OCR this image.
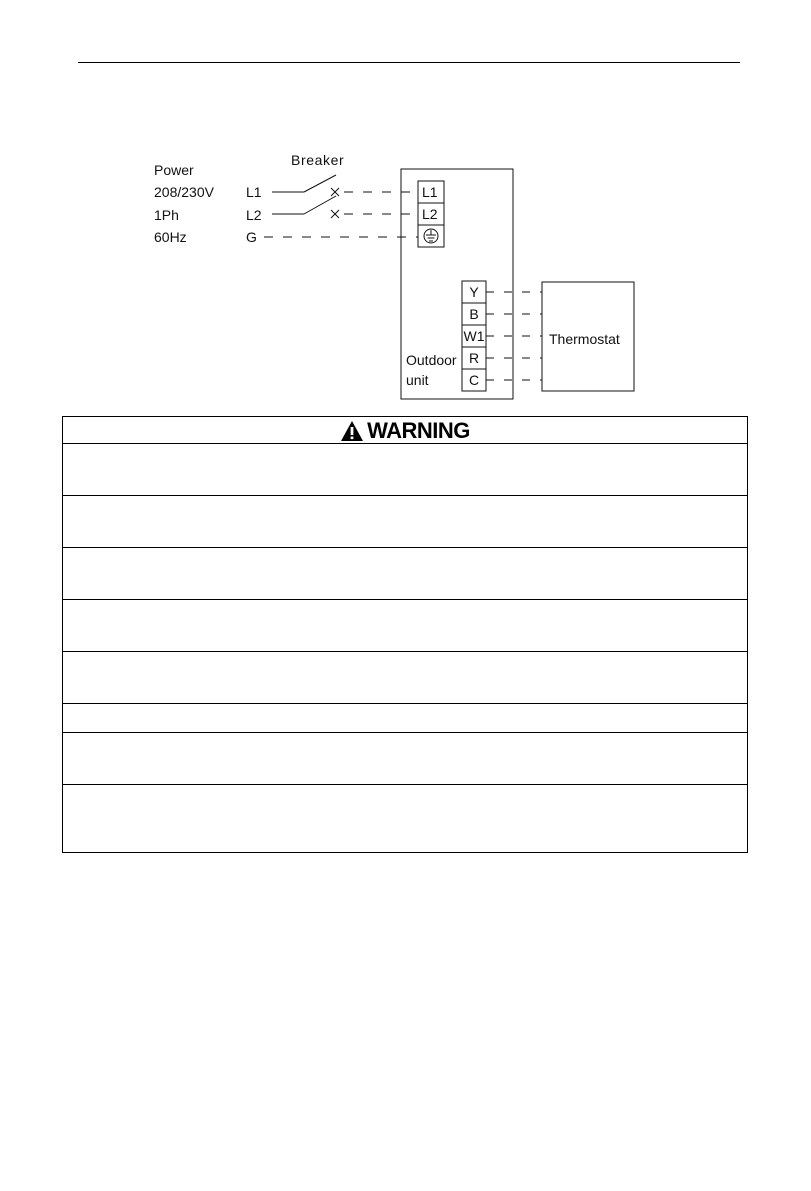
Power
208/230V
1Ph
60Hz
L1
L2
G
Breaker
L1
L2
Y
B
W1
R
C
Outdoor
unit
Thermostat
WARNING
